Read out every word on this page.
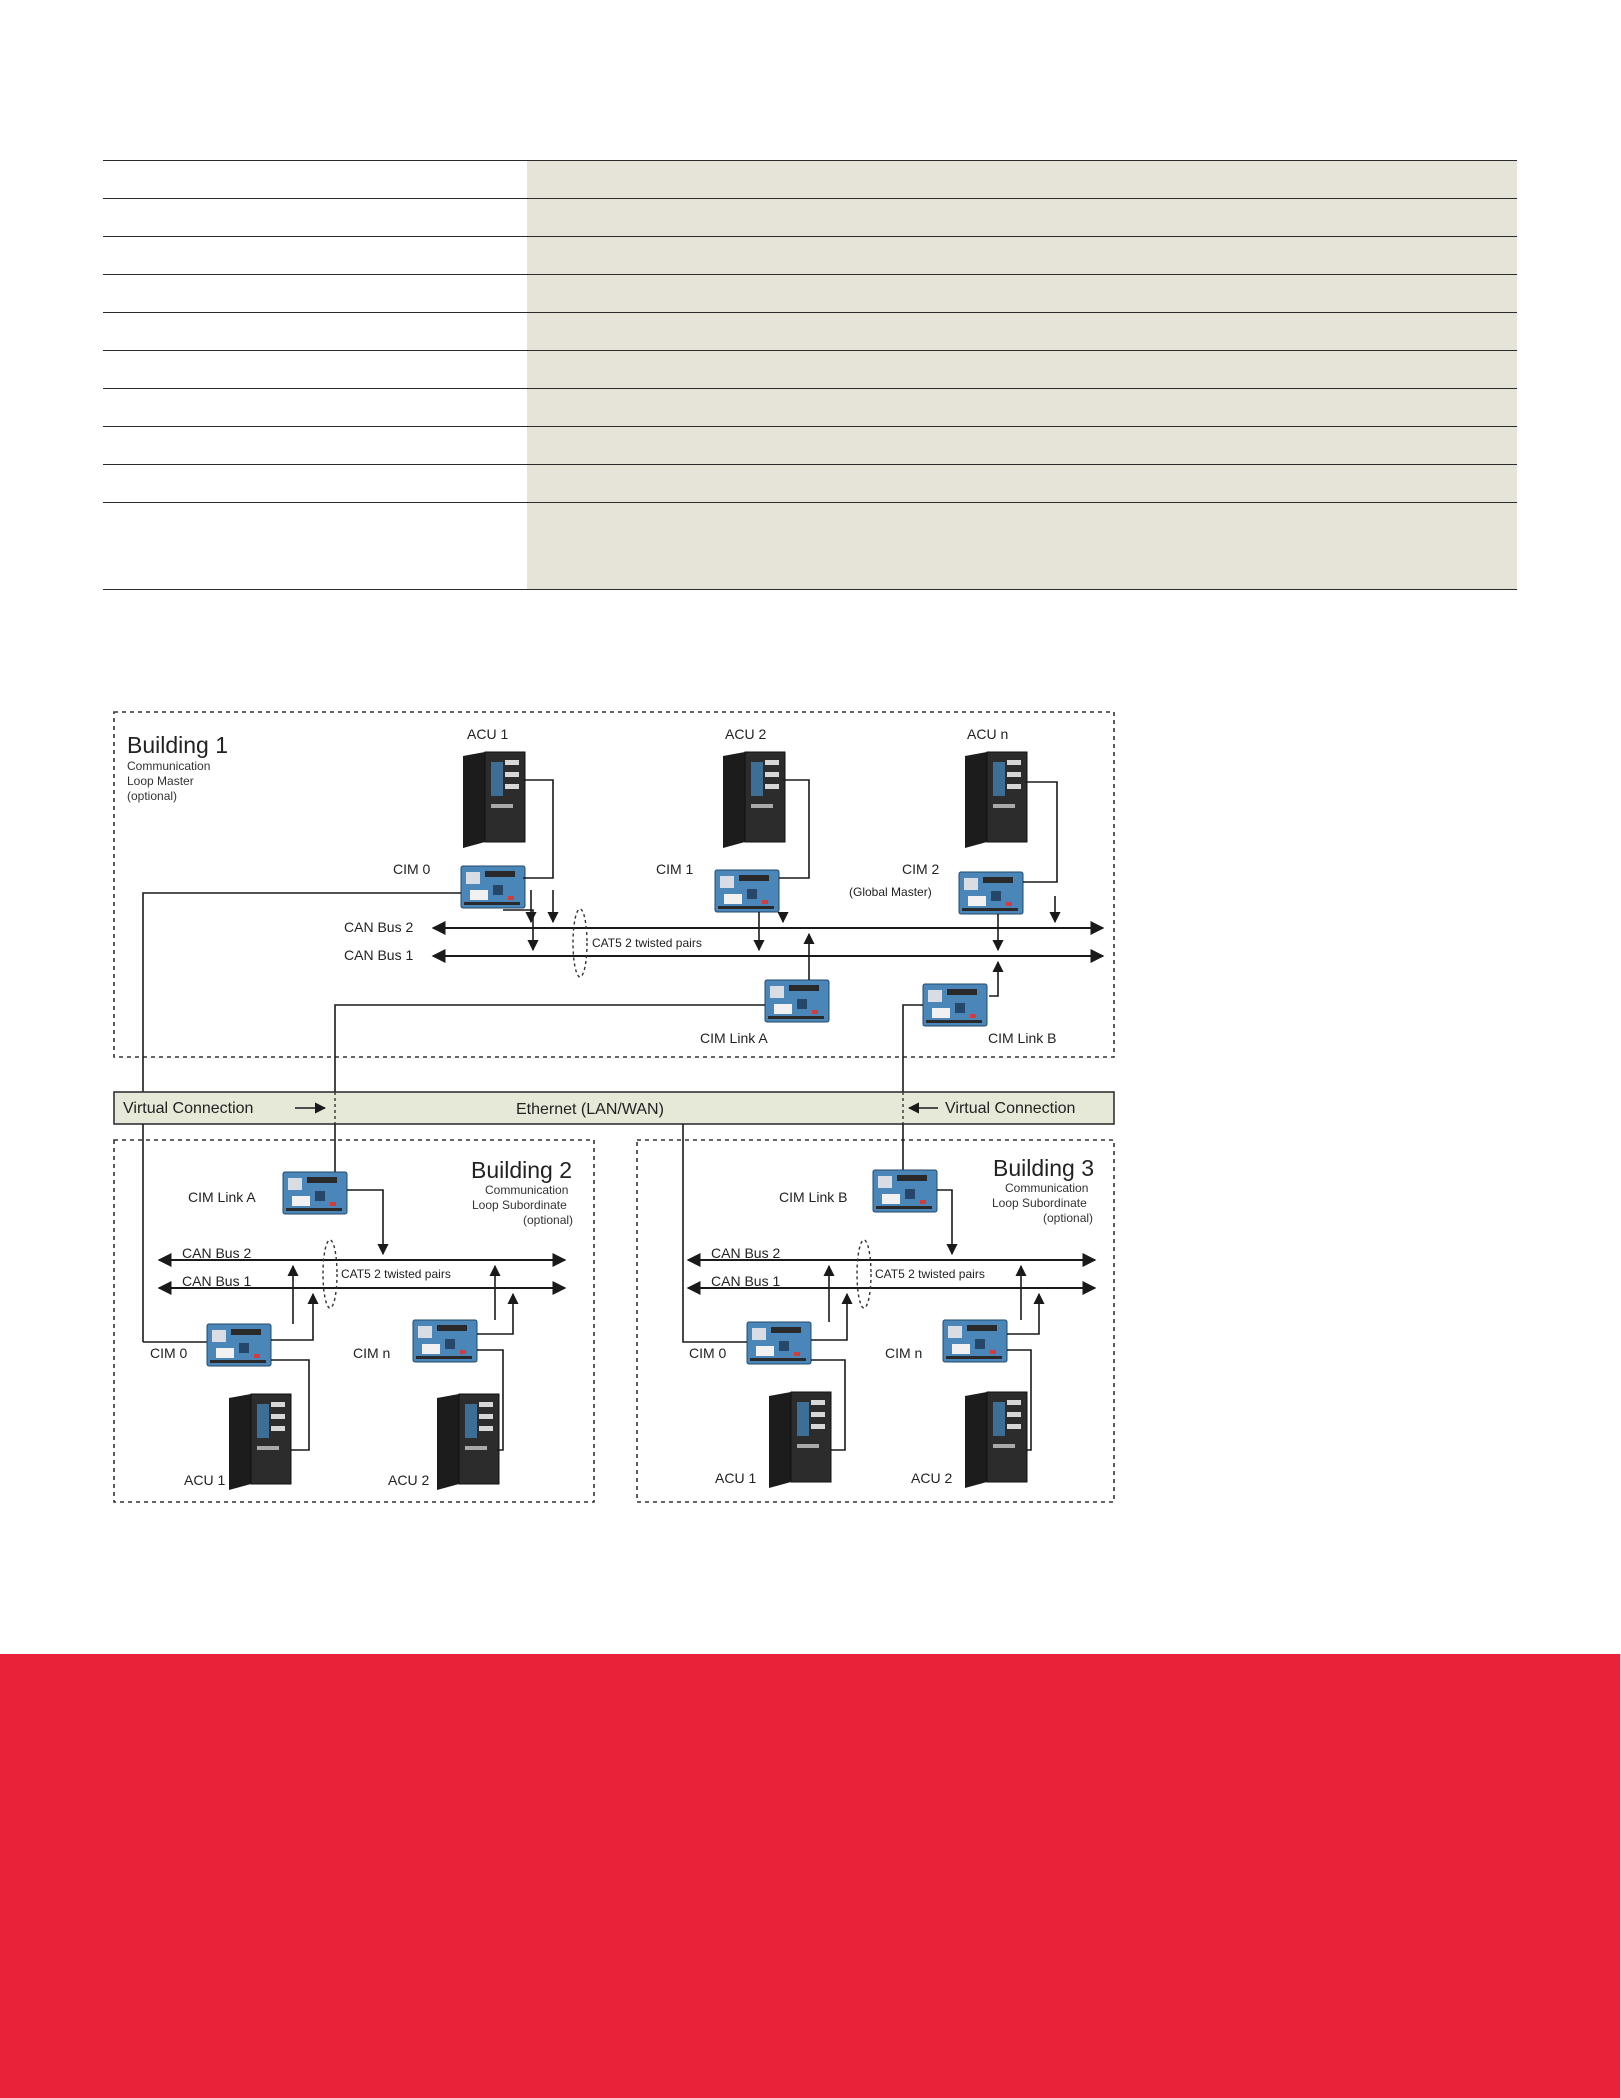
Building 1
Communication
Loop Master
(optional)
ACU 1	ACU 2	ACU n
CIM 0	CIM 1	CIM 2
(Global Master)
CAN Bus 2
CAN Bus 1
CAT5 2 twisted pairs
CIM Link A	CIM Link B
Virtual Connection	Ethernet (LAN/WAN)	Virtual Connection
Building 2
Communication
Loop Subordinate
(optional)
CIM Link A
CAN Bus 2
CAN Bus 1	CAT5 2 twisted pairs
CIM 0	CIM n
ACU 1	ACU 2
Building 3
Communication
Loop Subordinate
(optional)
CIM Link B
CAN Bus 2
CAN Bus 1	CAT5 2 twisted pairs
CIM 0	CIM n
ACU 1	ACU 2
